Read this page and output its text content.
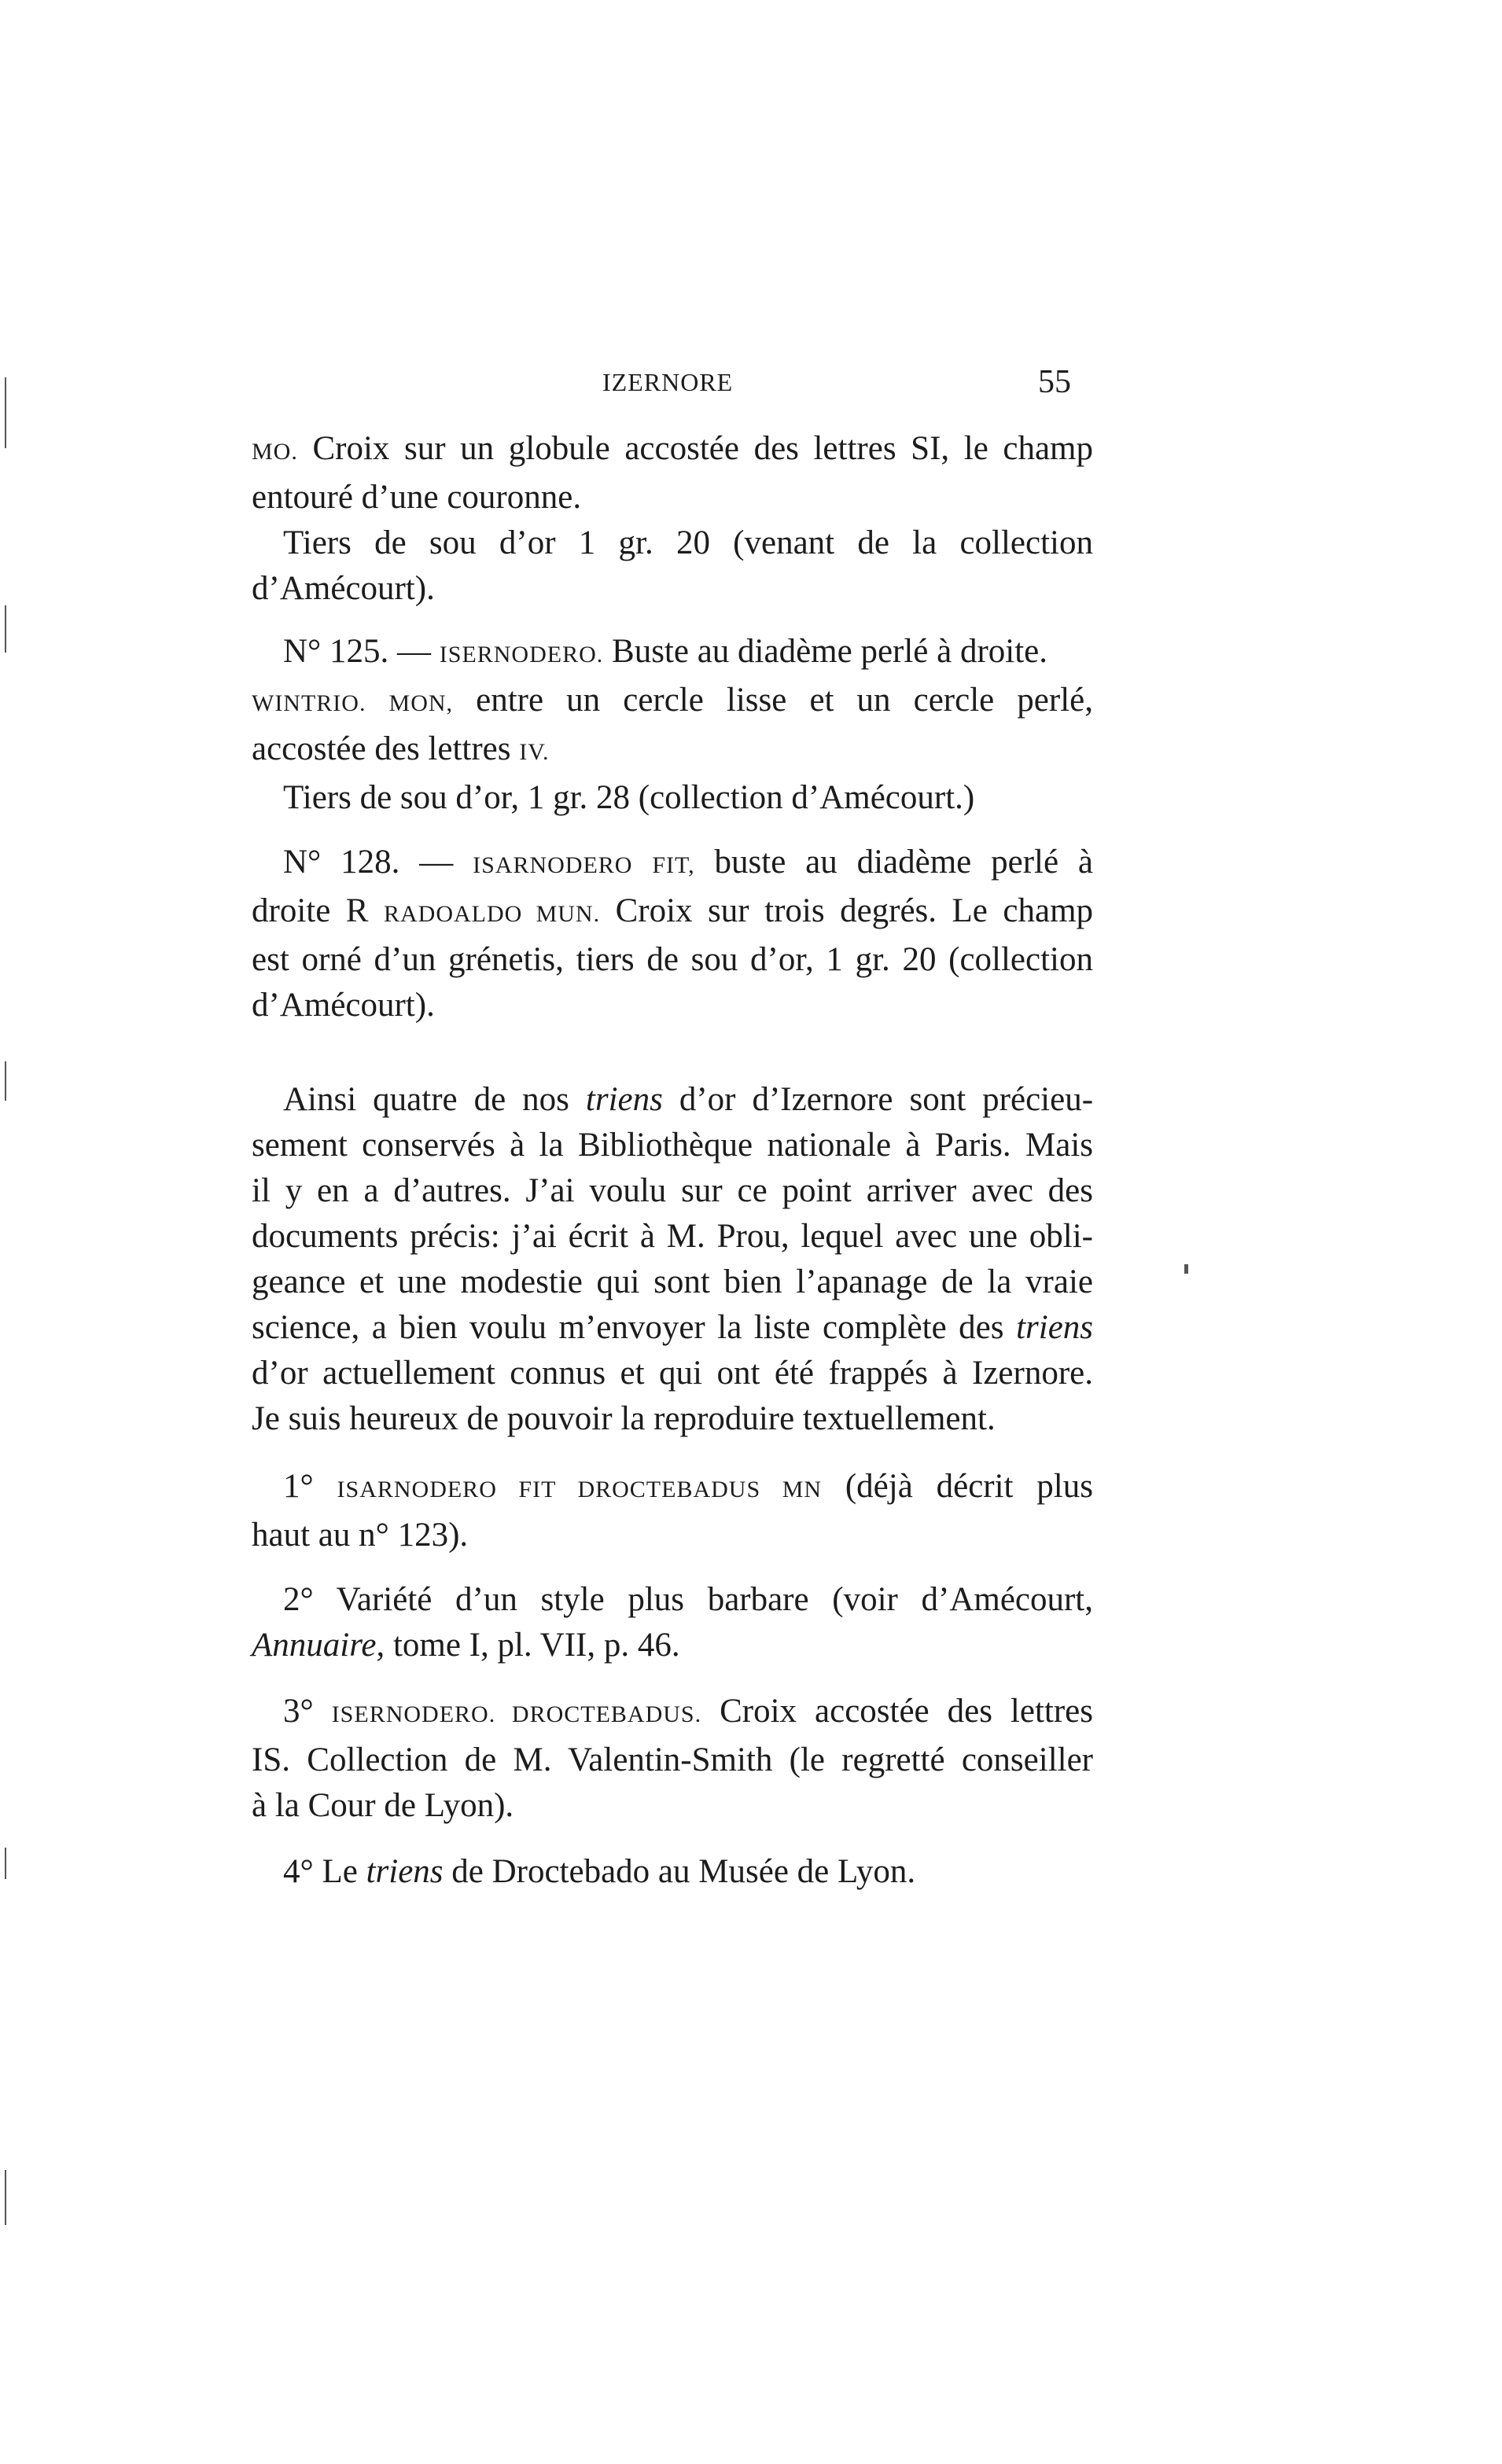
IZERNORE	55
MO. Croix sur un globule accostée des lettres SI, le champ
entouré d’une couronne.
Tiers de sou d’or 1 gr. 20 (venant de la collection
d’Amécourt).
N° 125. — ISERNODERO. Buste au diadème perlé à droite.
WINTRIO. MON, entre un cercle lisse et un cercle perlé,
accostée des lettres IV.
Tiers de sou d’or, 1 gr. 28 (collection d’Amécourt.)
N° 128. — ISARNODERO FIT, buste au diadème perlé à
droite R RADOALDO MUN. Croix sur trois degrés. Le champ
est orné d’un grénetis, tiers de sou d’or, 1 gr. 20 (collection
d’Amécourt).
Ainsi quatre de nos triens d’or d’Izernore sont précieu-
sement conservés à la Bibliothèque nationale à Paris. Mais
il y en a d’autres. J’ai voulu sur ce point arriver avec des
documents précis: j’ai écrit à M. Prou, lequel avec une obli-
geance et une modestie qui sont bien l’apanage de la vraie
science, a bien voulu m’envoyer la liste complète des triens
d’or actuellement connus et qui ont été frappés à Izernore.
Je suis heureux de pouvoir la reproduire textuellement.
1° ISARNODERO FIT DROCTEBADUS MN (déjà décrit plus
haut au n° 123).
2° Variété d’un style plus barbare (voir d’Amécourt,
Annuaire, tome I, pl. VII, p. 46.
3° ISERNODERO. DROCTEBADUS. Croix accostée des lettres
IS. Collection de M. Valentin-Smith (le regretté conseiller
à la Cour de Lyon).
4° Le triens de Droctebado au Musée de Lyon.
